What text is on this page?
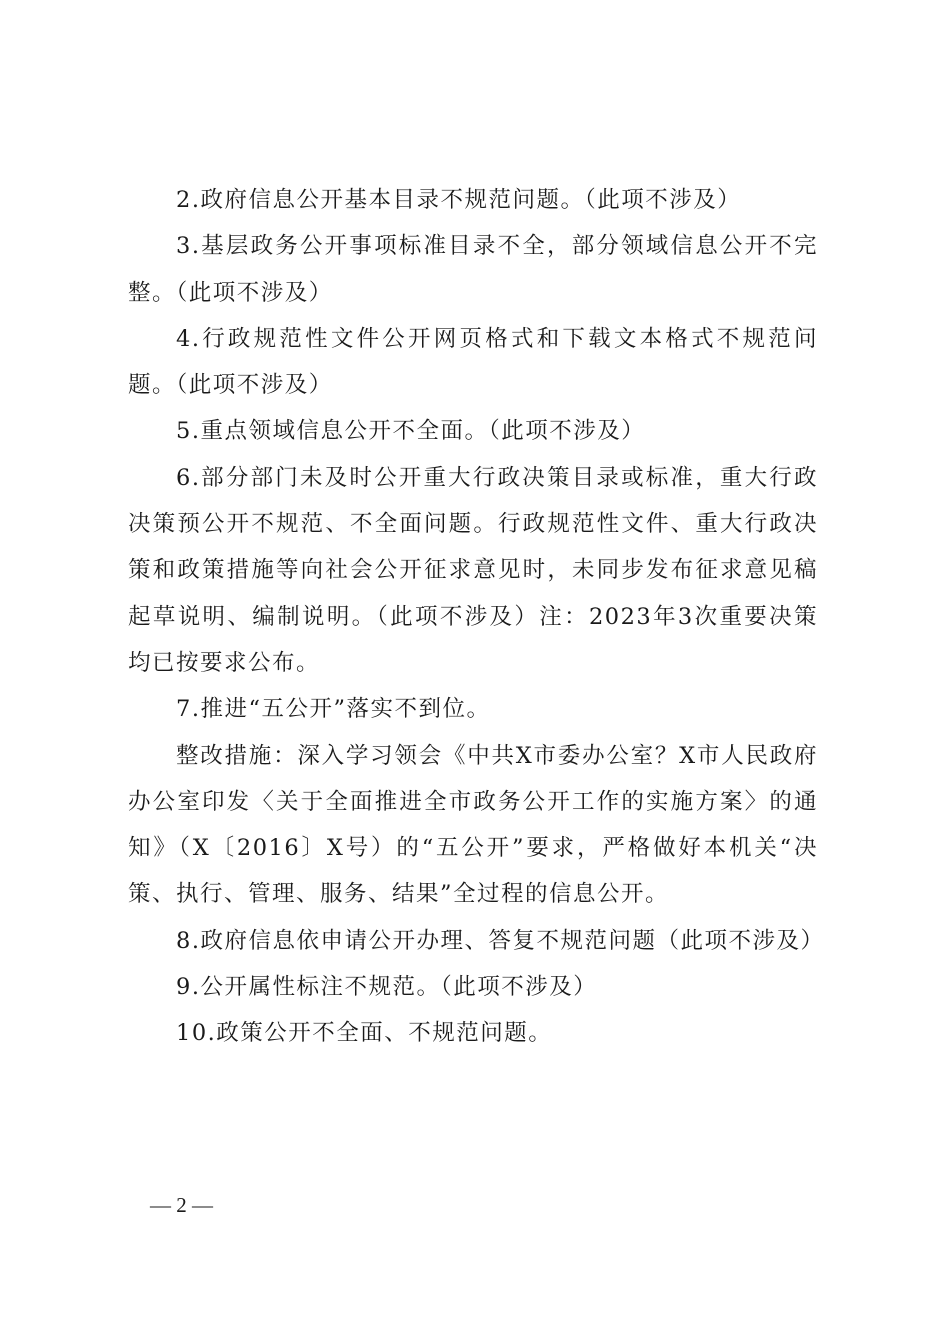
2.政府信息公开基本目录不规范问题。（此项不涉及）

3.基层政务公开事项标准目录不全，部分领域信息公开不完整。（此项不涉及）

4.行政规范性文件公开网页格式和下载文本格式不规范问题。（此项不涉及）

5.重点领域信息公开不全面。（此项不涉及）

6.部分部门未及时公开重大行政决策目录或标准，重大行政决策预公开不规范、不全面问题。行政规范性文件、重大行政决策和政策措施等向社会公开征求意见时，未同步发布征求意见稿起草说明、编制说明。（此项不涉及）注：2023年3次重要决策均已按要求公布。

7.推进“五公开”落实不到位。

整改措施：深入学习领会《中共X市委办公室？X市人民政府办公室印发〈关于全面推进全市政务公开工作的实施方案〉的通知》（X〔2016〕X号）的“五公开”要求，严格做好本机关“决策、执行、管理、服务、结果”全过程的信息公开。

8.政府信息依申请公开办理、答复不规范问题（此项不涉及）

9.公开属性标注不规范。（此项不涉及）

10.政策公开不全面、不规范问题。

— 2 —
